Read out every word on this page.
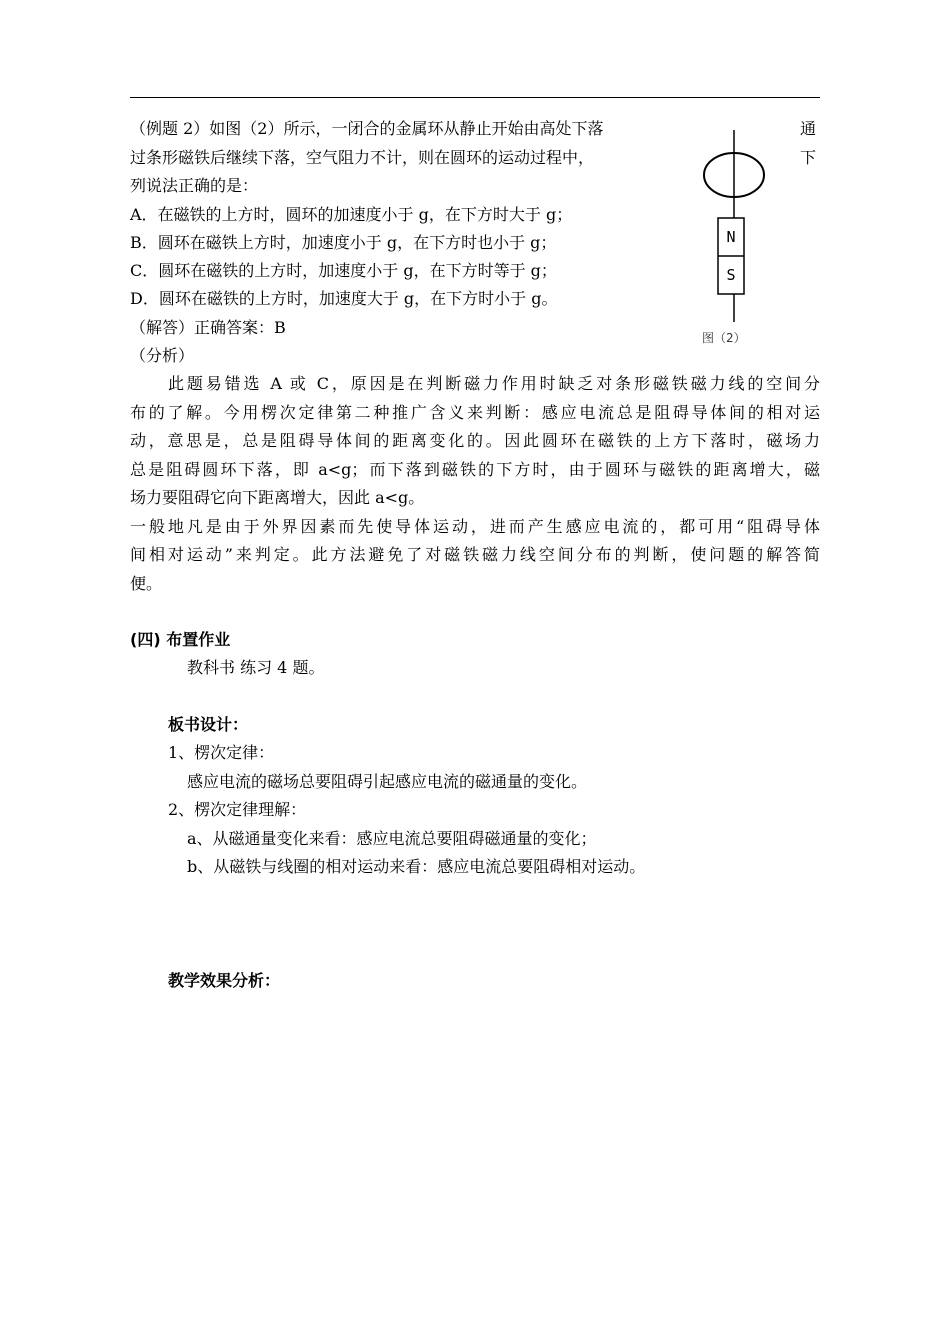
（例题 2）如图（2）所示，一闭合的金属环从静止开始由高处下落	通
过条形磁铁后继续下落，空气阻力不计，则在圆环的运动过程中，	下
列说法正确的是：
A．在磁铁的上方时，圆环的加速度小于 g，在下方时大于 g；
B．圆环在磁铁上方时，加速度小于 g，在下方时也小于 g；
C．圆环在磁铁的上方时，加速度小于 g，在下方时等于 g；
D．圆环在磁铁的上方时，加速度大于 g，在下方时小于 g。
（解答）正确答案：B
（分析）
N
S
图（2）
此题易错选 A 或 C，原因是在判断磁力作用时缺乏对条形磁铁磁力线的空间分
布的了解。今用楞次定律第二种推广含义来判断：感应电流总是阻碍导体间的相对运
动，意思是，总是阻碍导体间的距离变化的。因此圆环在磁铁的上方下落时，磁场力
总是阻碍圆环下落，即 a<g；而下落到磁铁的下方时，由于圆环与磁铁的距离增大，磁
场力要阻碍它向下距离增大，因此 a<g。
一般地凡是由于外界因素而先使导体运动，进而产生感应电流的，都可用“阻碍导体
间相对运动”来判定。此方法避免了对磁铁磁力线空间分布的判断，使问题的解答简
便。
(四) 布置作业
教科书 练习 4 题。
板书设计：
1、楞次定律：
感应电流的磁场总要阻碍引起感应电流的磁通量的变化。
2、楞次定律理解：
a、从磁通量变化来看：感应电流总要阻碍磁通量的变化；
b、从磁铁与线圈的相对运动来看：感应电流总要阻碍相对运动。
教学效果分析：
